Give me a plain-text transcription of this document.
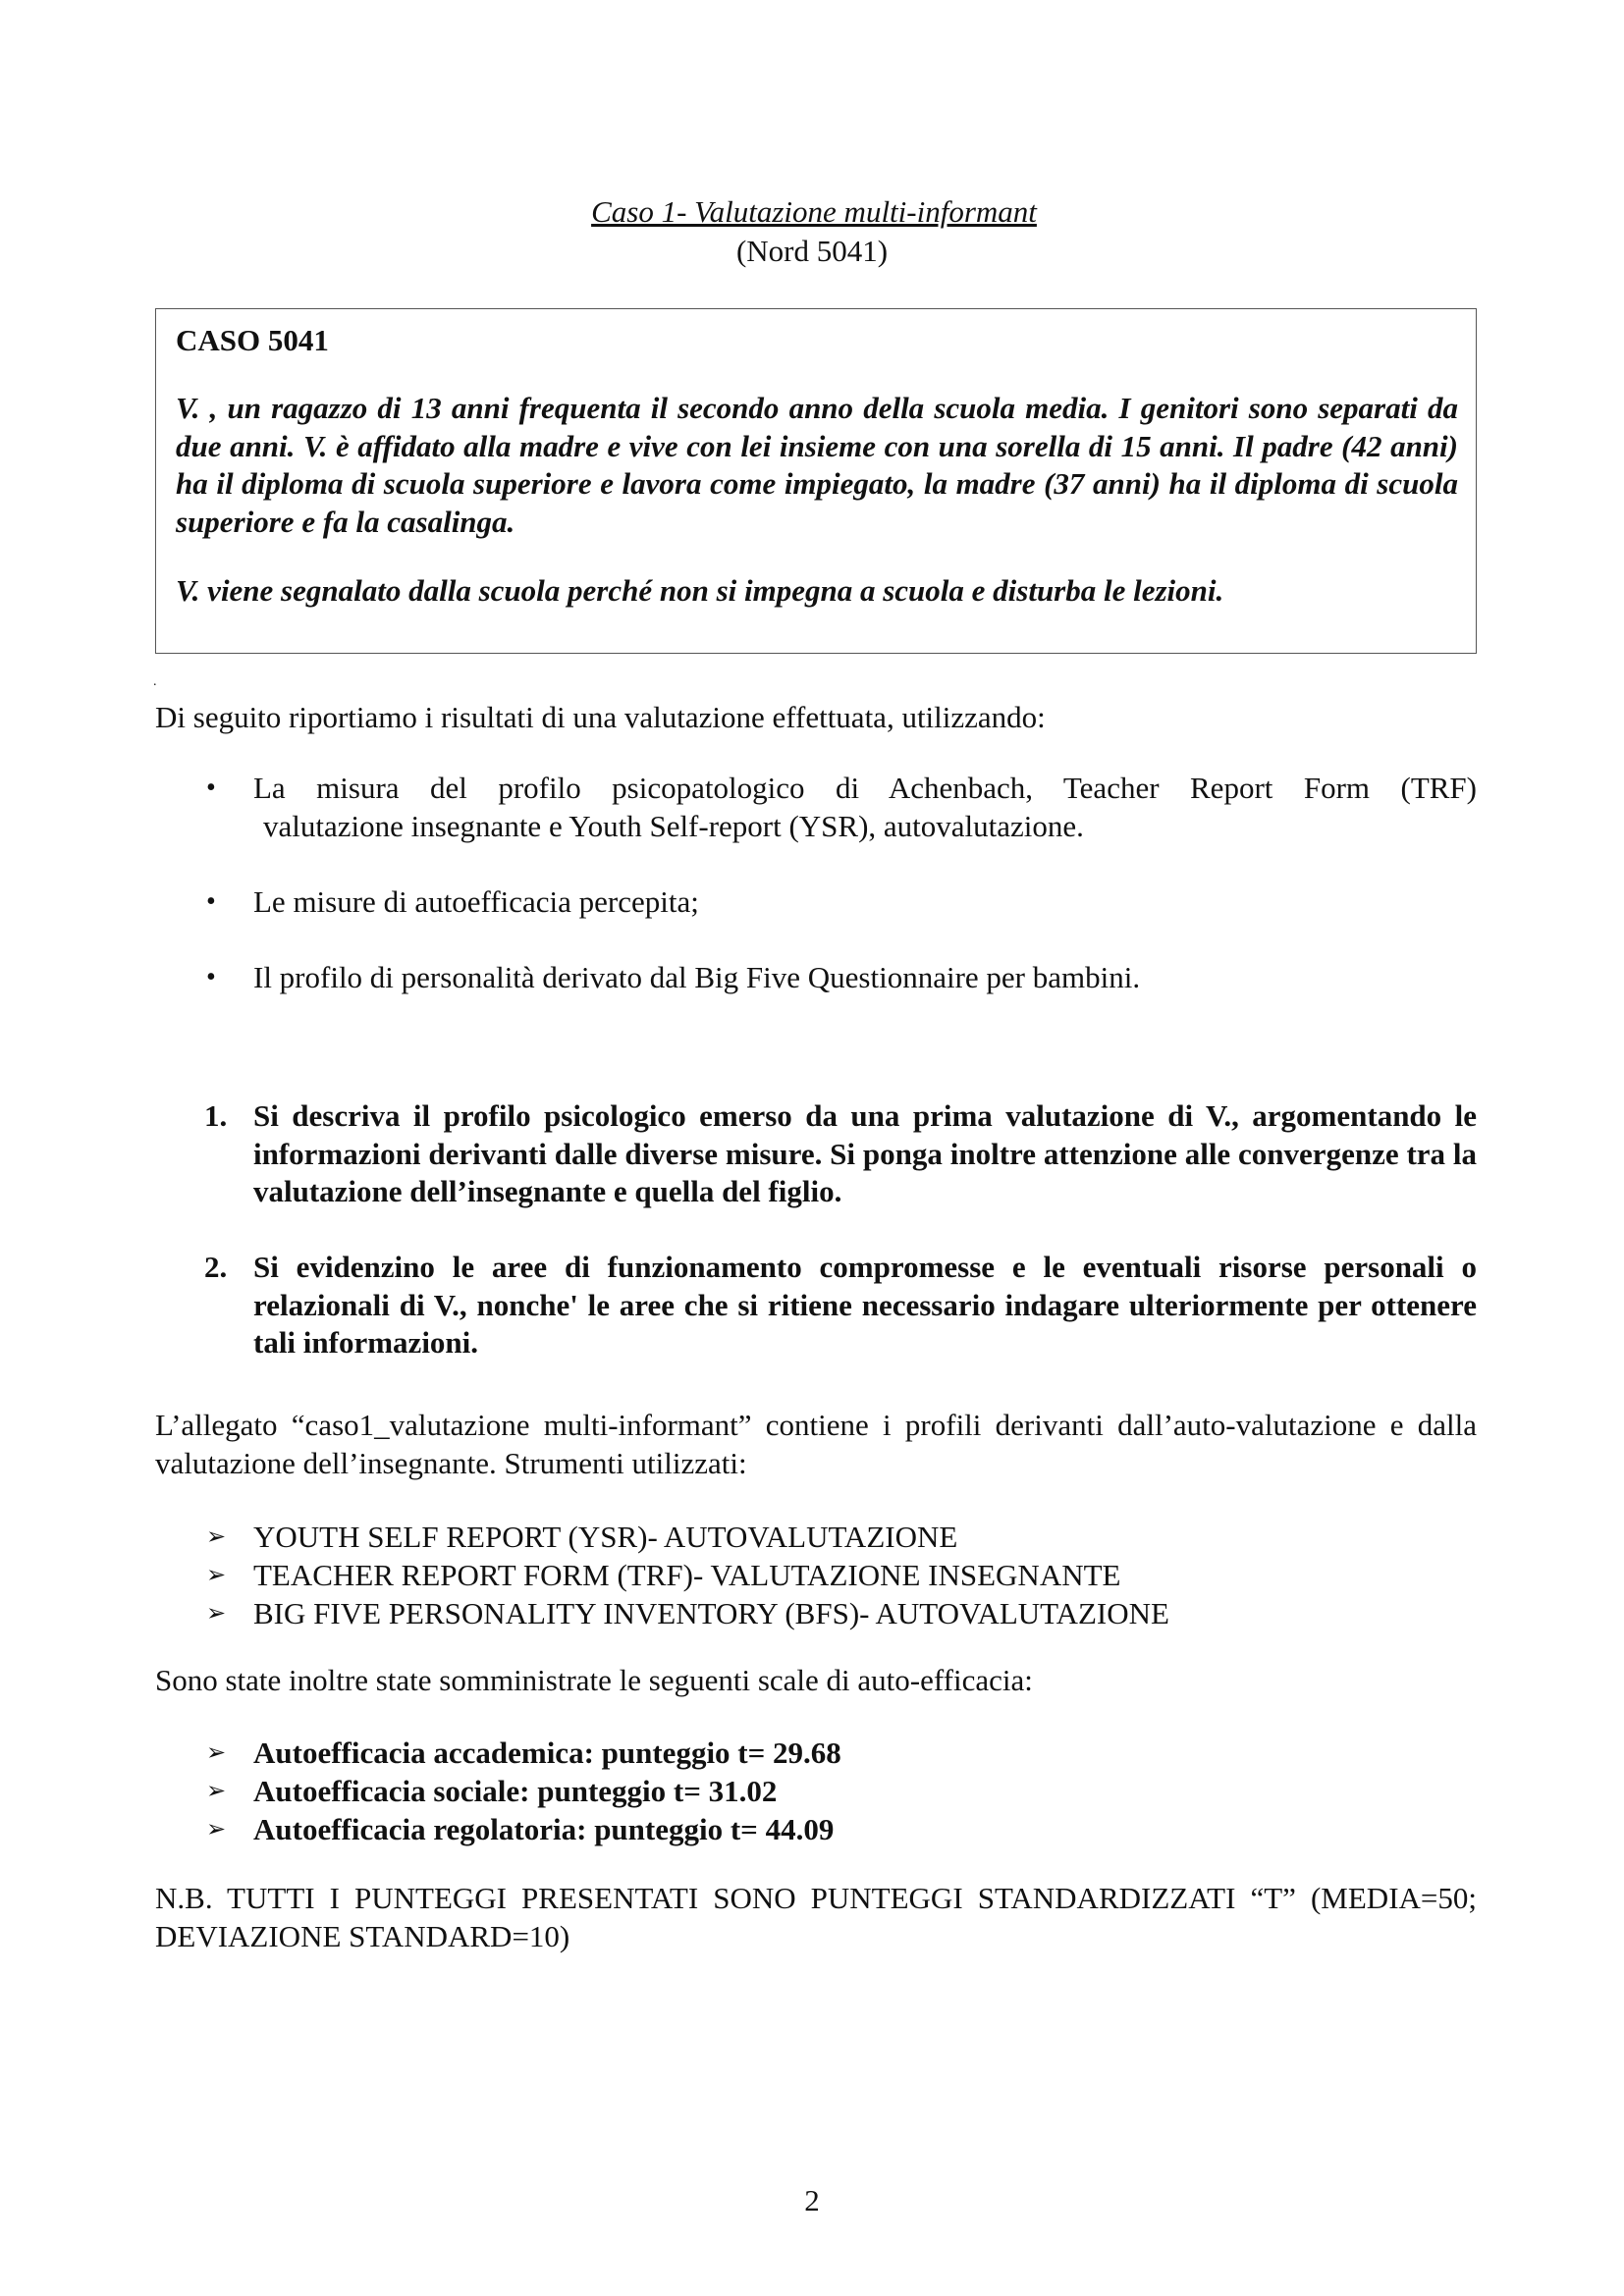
Caso 1- Valutazione multi-informant
(Nord 5041)
CASO 5041
V. , un ragazzo di 13 anni frequenta il secondo anno della scuola media. I genitori sono separati da due anni. V. è affidato alla madre e vive con lei insieme con una sorella di 15 anni. Il padre (42 anni) ha il diploma di scuola superiore e lavora come impiegato, la madre (37 anni) ha il diploma di scuola superiore e fa la casalinga.
V. viene segnalato dalla scuola perché non si impegna a scuola e disturba le lezioni.
.
Di seguito riportiamo i risultati di una valutazione effettuata, utilizzando:
• La misura del profilo psicopatologico di Achenbach, Teacher Report Form (TRF)
valutazione insegnante e Youth Self-report (YSR), autovalutazione.
• Le misure di autoefficacia percepita;
• Il profilo di personalità derivato dal Big Five Questionnaire per bambini.
1. Si descriva il profilo psicologico emerso da una prima valutazione di V., argomentando le informazioni derivanti dalle diverse misure. Si ponga inoltre attenzione alle convergenze tra la valutazione dell’insegnante e quella del figlio.
2. Si evidenzino le aree di funzionamento compromesse e le eventuali risorse personali o relazionali di V., nonche' le aree che si ritiene necessario indagare ulteriormente per ottenere tali informazioni.
L’allegato “caso1_valutazione multi-informant” contiene i profili derivanti dall’auto-valutazione e dalla valutazione dell’insegnante. Strumenti utilizzati:
➢ YOUTH SELF REPORT (YSR)- AUTOVALUTAZIONE
➢ TEACHER REPORT FORM (TRF)- VALUTAZIONE INSEGNANTE
➢ BIG FIVE PERSONALITY INVENTORY (BFS)- AUTOVALUTAZIONE
Sono state inoltre state somministrate le seguenti scale di auto-efficacia:
➢ Autoefficacia accademica: punteggio t= 29.68
➢ Autoefficacia sociale: punteggio t= 31.02
➢ Autoefficacia regolatoria: punteggio t= 44.09
N.B. TUTTI I PUNTEGGI PRESENTATI SONO PUNTEGGI STANDARDIZZATI “T” (MEDIA=50; DEVIAZIONE STANDARD=10)
2
